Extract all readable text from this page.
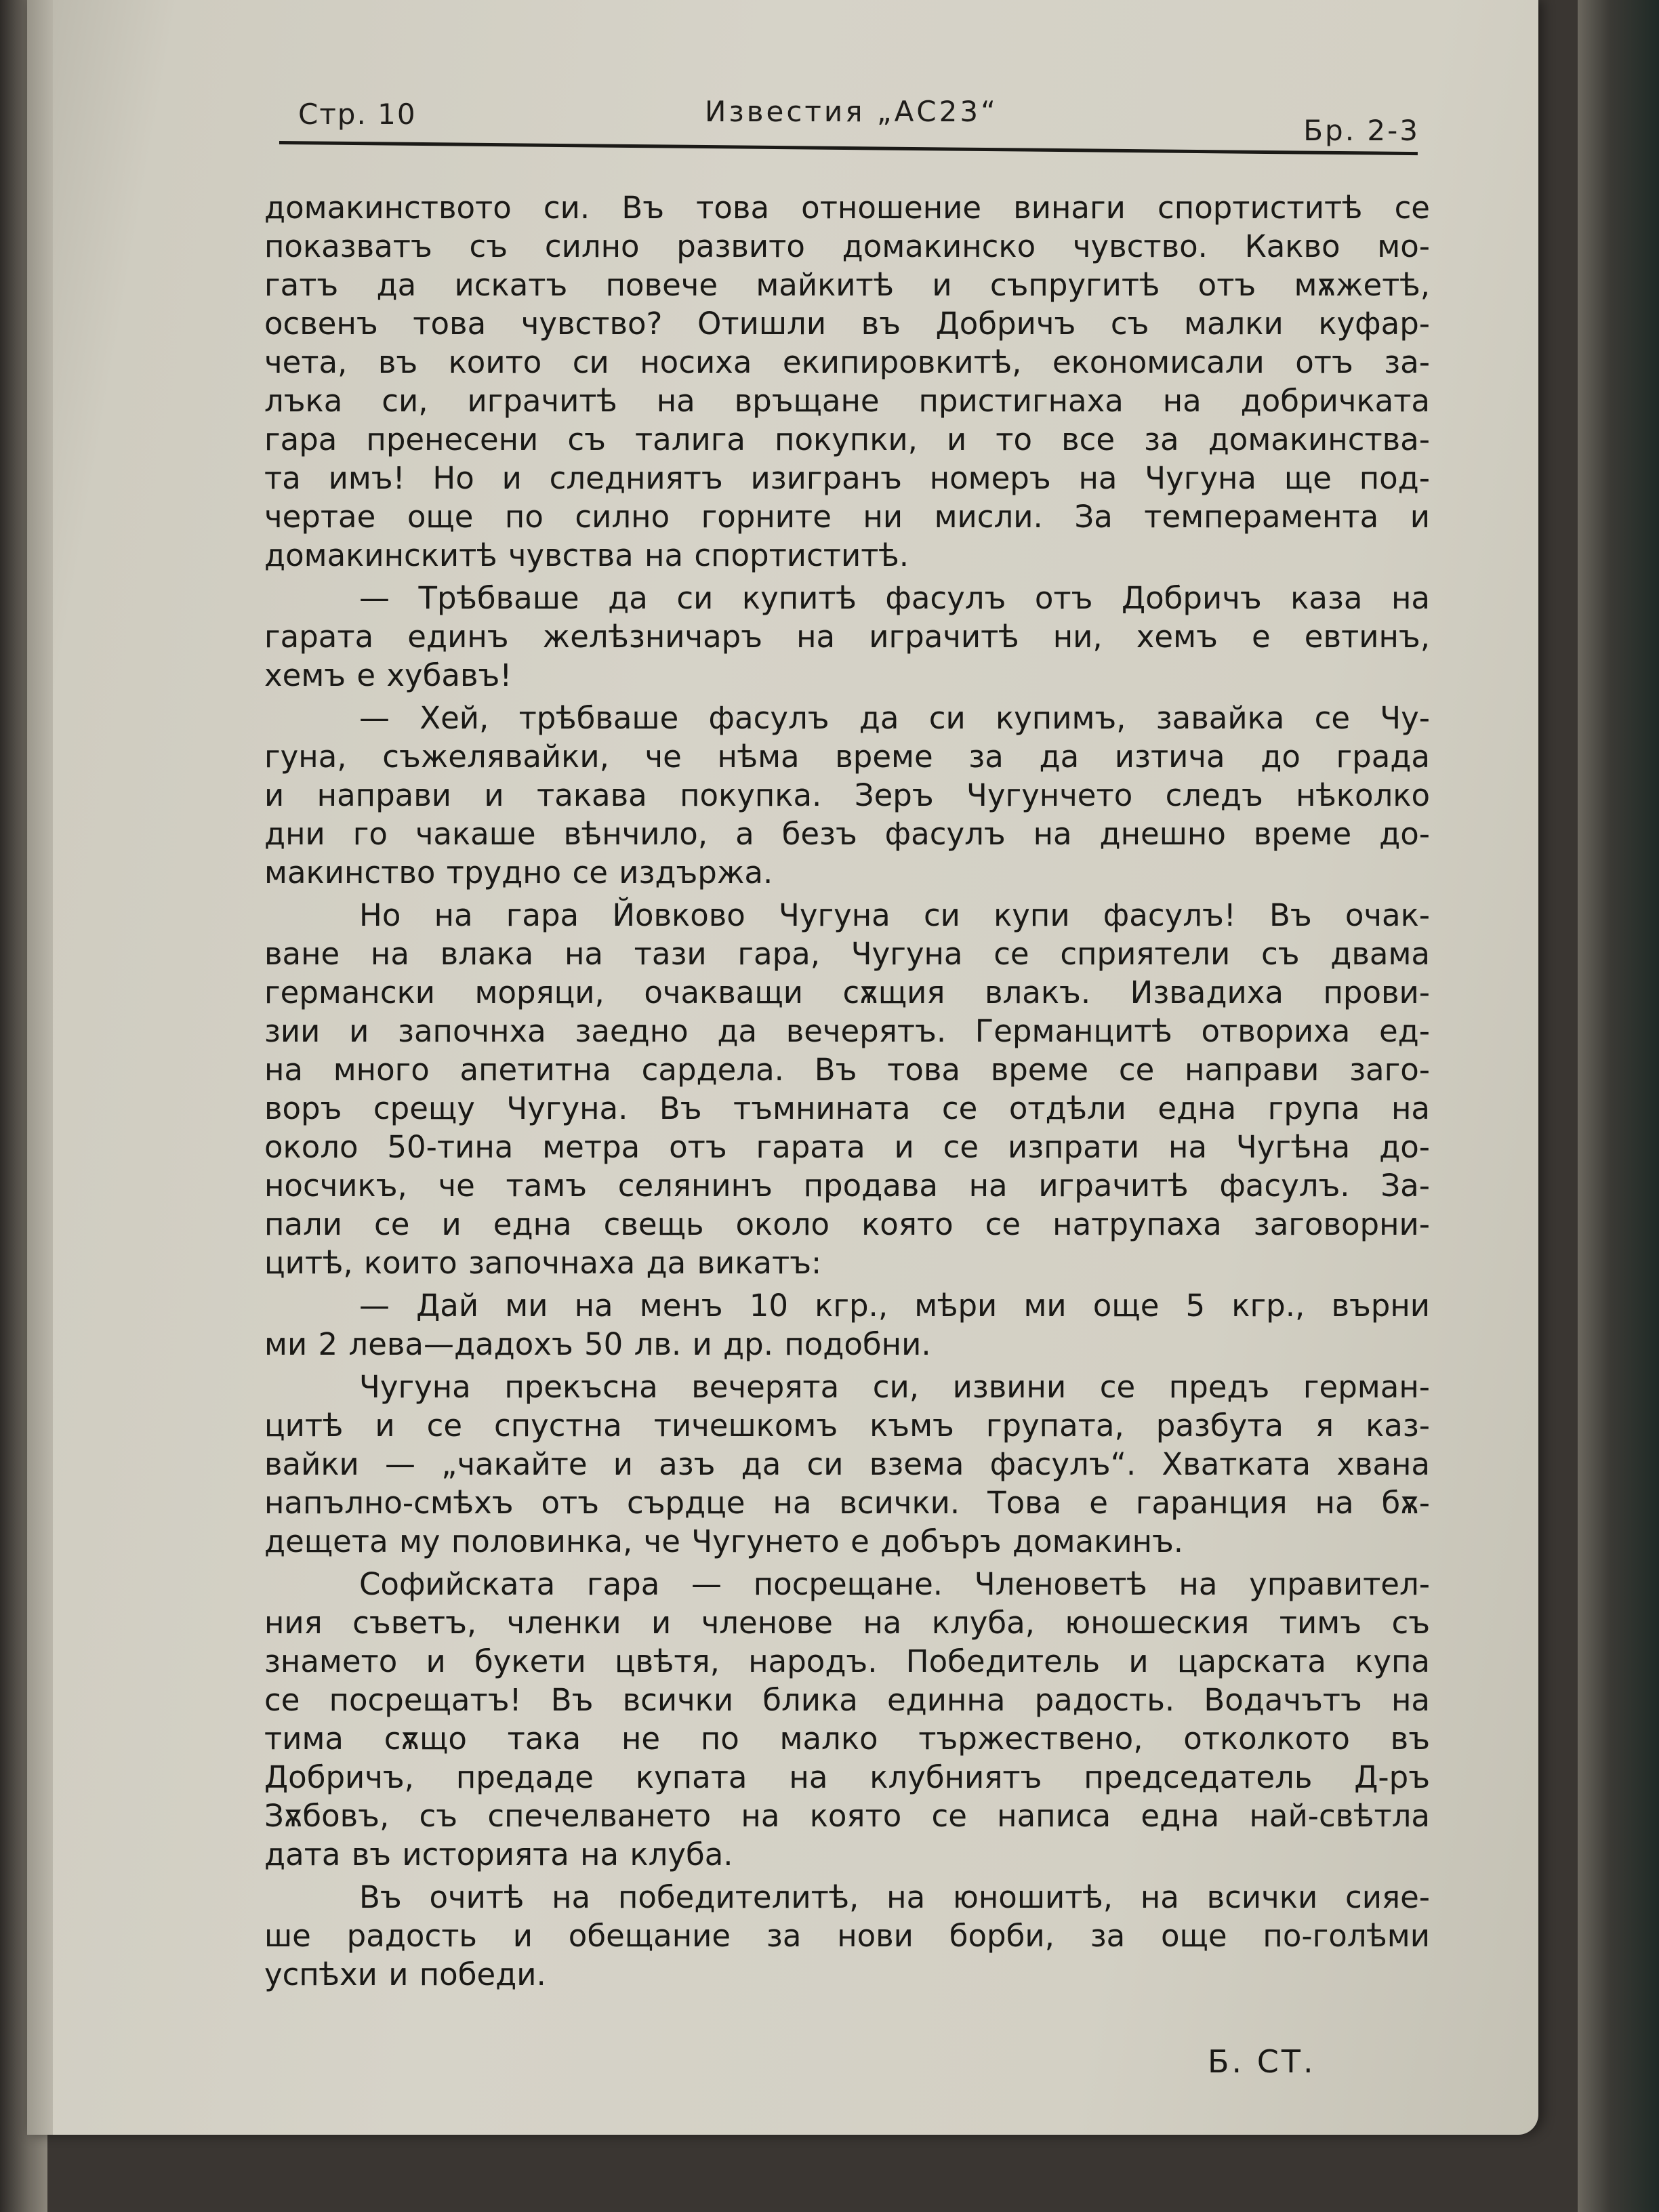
Стр. 10	Известия „АС23“
Бр. 2-3
домакинството си. Въ това отношение винаги спортиститѣ се
показватъ съ силно развито домакинско чувство. Какво мо-
гатъ да искатъ повече майкитѣ и съпругитѣ отъ мѫжетѣ,
освенъ това чувство? Отишли въ Добричъ съ малки куфар-
чета, въ които си носиха екипировкитѣ, економисали отъ за-
лъка си, играчитѣ на връщане пристигнаха на добричката
гара пренесени съ талига покупки, и то все за домакинства-
та имъ! Но и следниятъ изигранъ номеръ на Чугуна ще под-
чертае още по силно горните ни мисли. За темперамента и
домакинскитѣ чувства на спортиститѣ.
— Трѣбваше да си купитѣ фасулъ отъ Добричъ каза на
гарата единъ желѣзничаръ на играчитѣ ни, хемъ е евтинъ,
хемъ е хубавъ!
— Хей, трѣбваше фасулъ да си купимъ, завайка се Чу-
гуна, съжелявайки, че нѣма време за да изтича до града
и направи и такава покупка. Зеръ Чугунчето следъ нѣколко
дни го чакаше вѣнчило, а безъ фасулъ на днешно време до-
макинство трудно се издържа.
Но на гара Йовково Чугуна си купи фасулъ! Въ очак-
ване на влака на тази гара, Чугуна се сприятели съ двама
германски моряци, очакващи сѫщия влакъ. Извадиха прови-
зии и започнха заедно да вечерятъ. Германцитѣ отвориха ед-
на много апетитна сардела. Въ това време се направи заго-
воръ срещу Чугуна. Въ тъмнината се отдѣли една група на
около 50-тина метра отъ гарата и се изпрати на Чугѣна до-
носчикъ, че тамъ селянинъ продава на играчитѣ фасулъ. За-
пали се и една свещь около която се натрупаха заговорни-
цитѣ, които започнаха да викатъ:
— Дай ми на менъ 10 кгр., мѣри ми още 5 кгр., върни
ми 2 лева—дадохъ 50 лв. и др. подобни.
Чугуна прекъсна вечерята си, извини се предъ герман-
цитѣ и се спустна тичешкомъ къмъ групата, разбута я каз-
вайки — „чакайте и азъ да си взема фасулъ“. Хватката хвана
напълно-смѣхъ отъ сърдце на всички. Това е гаранция на бѫ-
дещета му половинка, че Чугунето е добъръ домакинъ.
Софийската гара — посрещане. Членоветѣ на управител-
ния съветъ, членки и членове на клуба, юношеския тимъ съ
знамето и букети цвѣтя, народъ. Победитель и царската купа
се посрещатъ! Въ всички блика единна радость. Водачътъ на
тима сѫщо така не по малко тържествено, отколкото въ
Добричъ, предаде купата на клубниятъ председатель Д-ръ
Зѫбовъ, съ спечелването на която се написа една най-свѣтла
дата въ историята на клуба.
Въ очитѣ на победителитѣ, на юношитѣ, на всички сияе-
ше радость и обещание за нови борби, за още по-голѣми
успѣхи и победи.
Б. СТ.
